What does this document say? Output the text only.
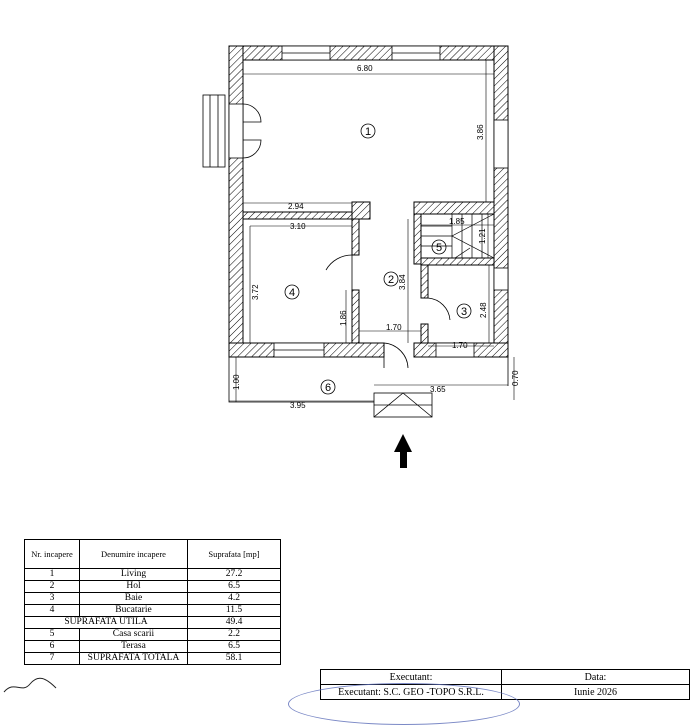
6.80
3.86
2.94
3.10
3.72
1.86
1.70
3.84
1.85
1.21
2.48
1.70
3.65
3.95
1.00	0.70
1
2
3
4
5
6
Nr. incapere	Denumire incapere	Suprafata [mp]
1	Living	27.2
2	Hol	6.5
3	Baie	4.2
4	Bucatarie	11.5
SUPRAFATA UTILA		49.4
5	Casa scarii	2.2
6	Terasa	6.5
7	SUPRAFATA TOTALA	58.1
Executant:	Data:
Executant: S.C. GEO -TOPO S.R.L.	Iunie 2026
